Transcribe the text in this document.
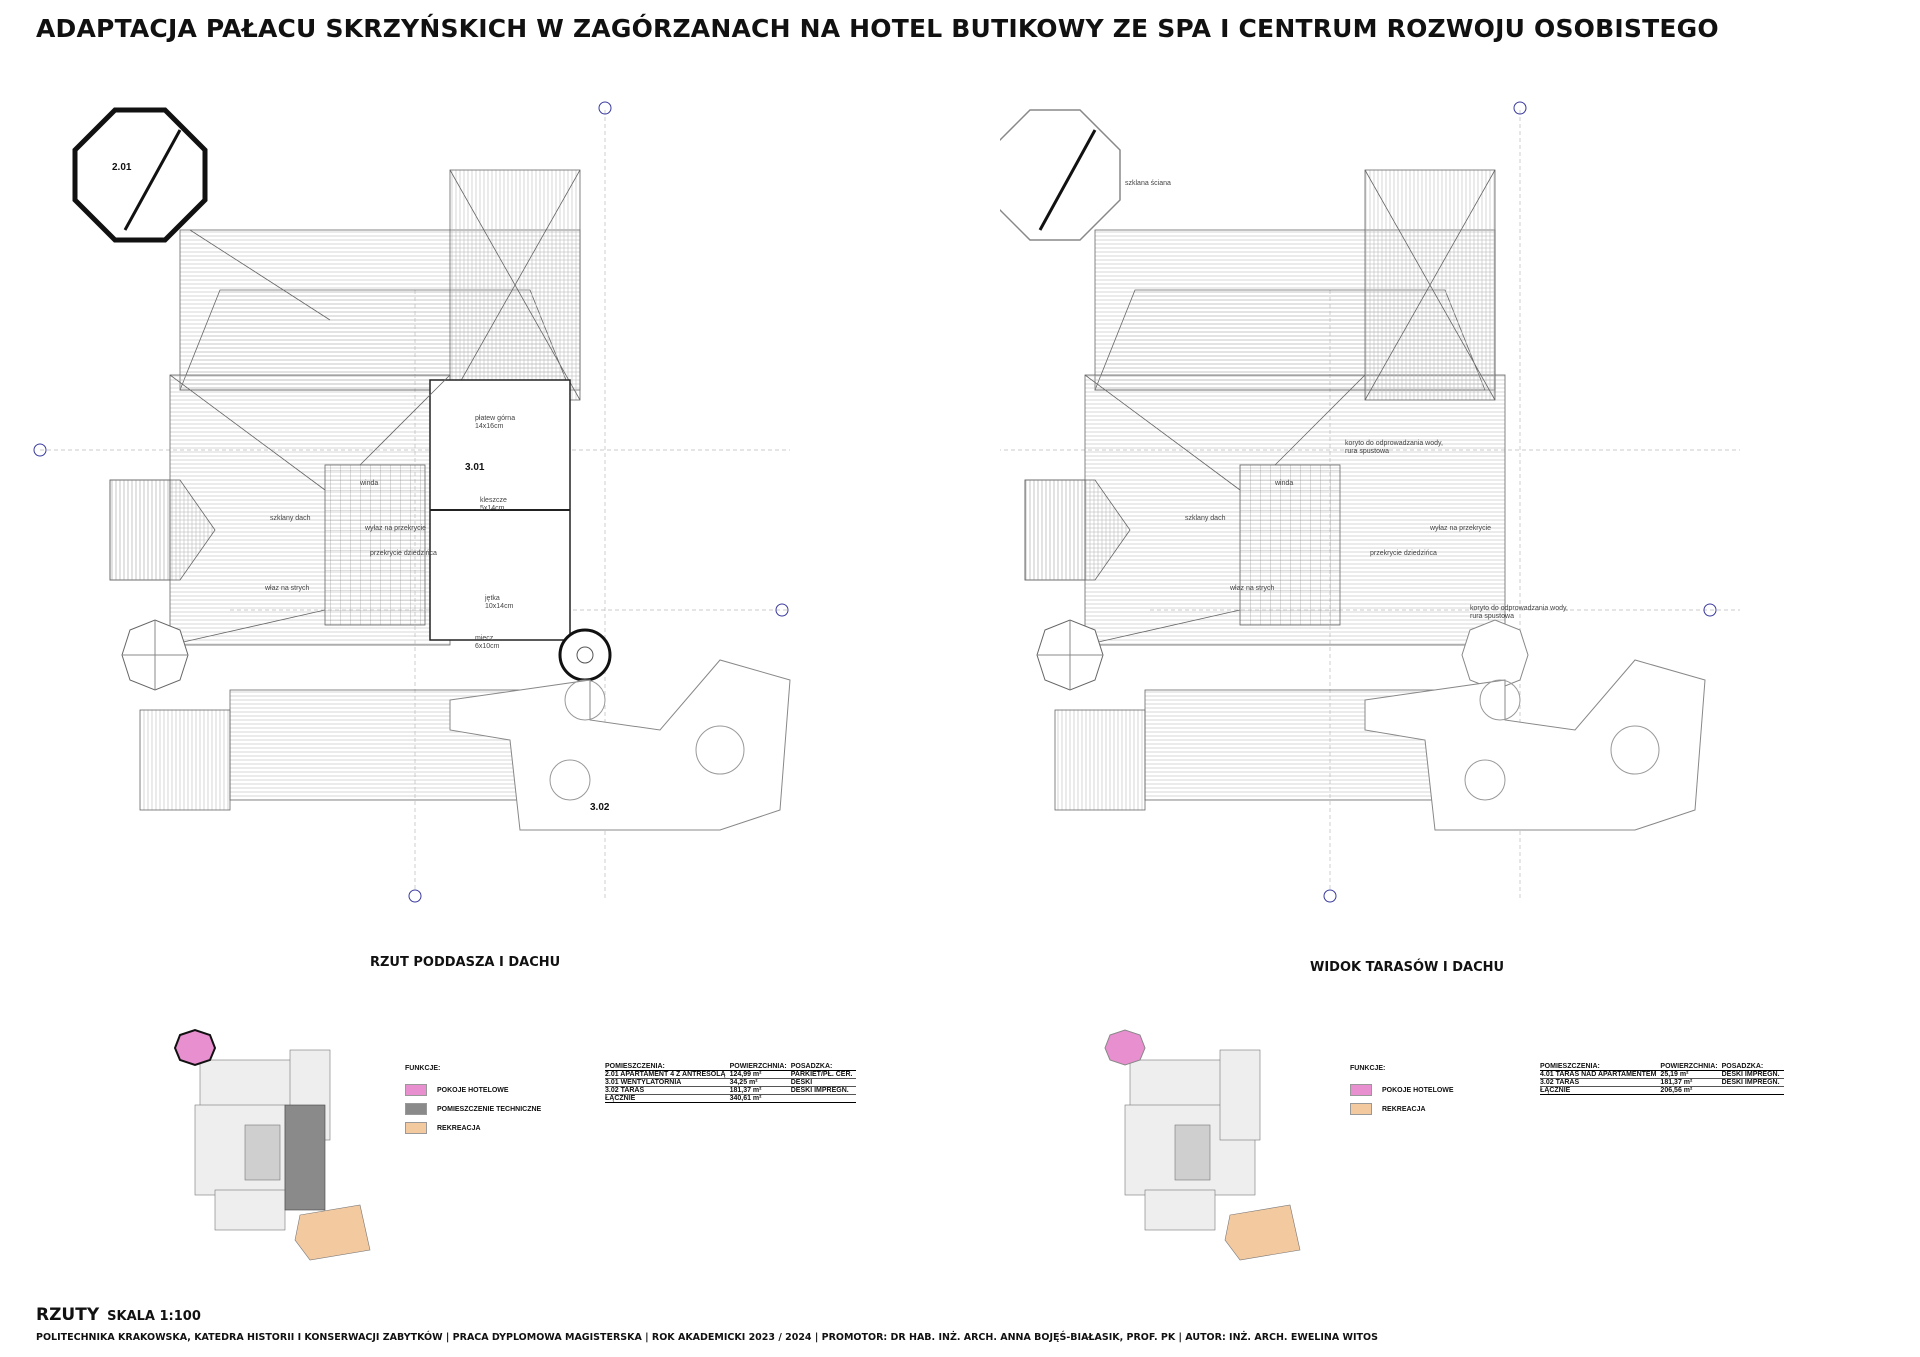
ADAPTACJA PAŁACU SKRZYŃSKICH W ZAGÓRZANACH NA HOTEL BUTIKOWY ZE SPA I CENTRUM ROZWOJU OSOBISTEGO
2.01
3.01
3.02
płatew górna
14x16cm
kleszcze
5x14cm
jętka
10x14cm
miecz
6x10cm
winda
szklany dach
wyłaz na przekrycie
przekrycie dziedzińca
właz na strych
szklana ściana
koryto do odprowadzania wody,
rura spustowa
koryto do odprowadzania wody,
rura spustowa
winda
szklany dach
wyłaz na przekrycie
przekrycie dziedzińca
właz na strych
RZUT PODDASZA I DACHU	WIDOK TARASÓW I DACHU
FUNKCJE:
POKOJE HOTELOWE
POMIESZCZENIE TECHNICZNE
REKREACJA
FUNKCJE:
POKOJE HOTELOWE
REKREACJA
POMIESZCZENIA:	POWIERZCHNIA:	POSADZKA:
2.01 APARTAMENT 4 Z ANTRESOLĄ	124,99 m²	PARKIET/PŁ. CER.
3.01 WENTYLATORNIA	34,25 m²	DESKI
3.02 TARAS	181,37 m²	DESKI IMPREGN.
ŁĄCZNIE	340,61 m²	
POMIESZCZENIA:	POWIERZCHNIA:	POSADZKA:
4.01 TARAS NAD APARTAMENTEM	25,19 m²	DESKI IMPREGN.
3.02 TARAS	181,37 m²	DESKI IMPREGN.
ŁĄCZNIE	206,56 m²	
RZUTY SKALA 1:100
POLITECHNIKA KRAKOWSKA, KATEDRA HISTORII I KONSERWACJI ZABYTKÓW | PRACA DYPLOMOWA MAGISTERSKA | ROK AKADEMICKI 2023 / 2024 | PROMOTOR: DR HAB. INŻ. ARCH. ANNA BOJĘŚ-BIAŁASIK, PROF. PK | AUTOR: INŻ. ARCH. EWELINA WITOS
